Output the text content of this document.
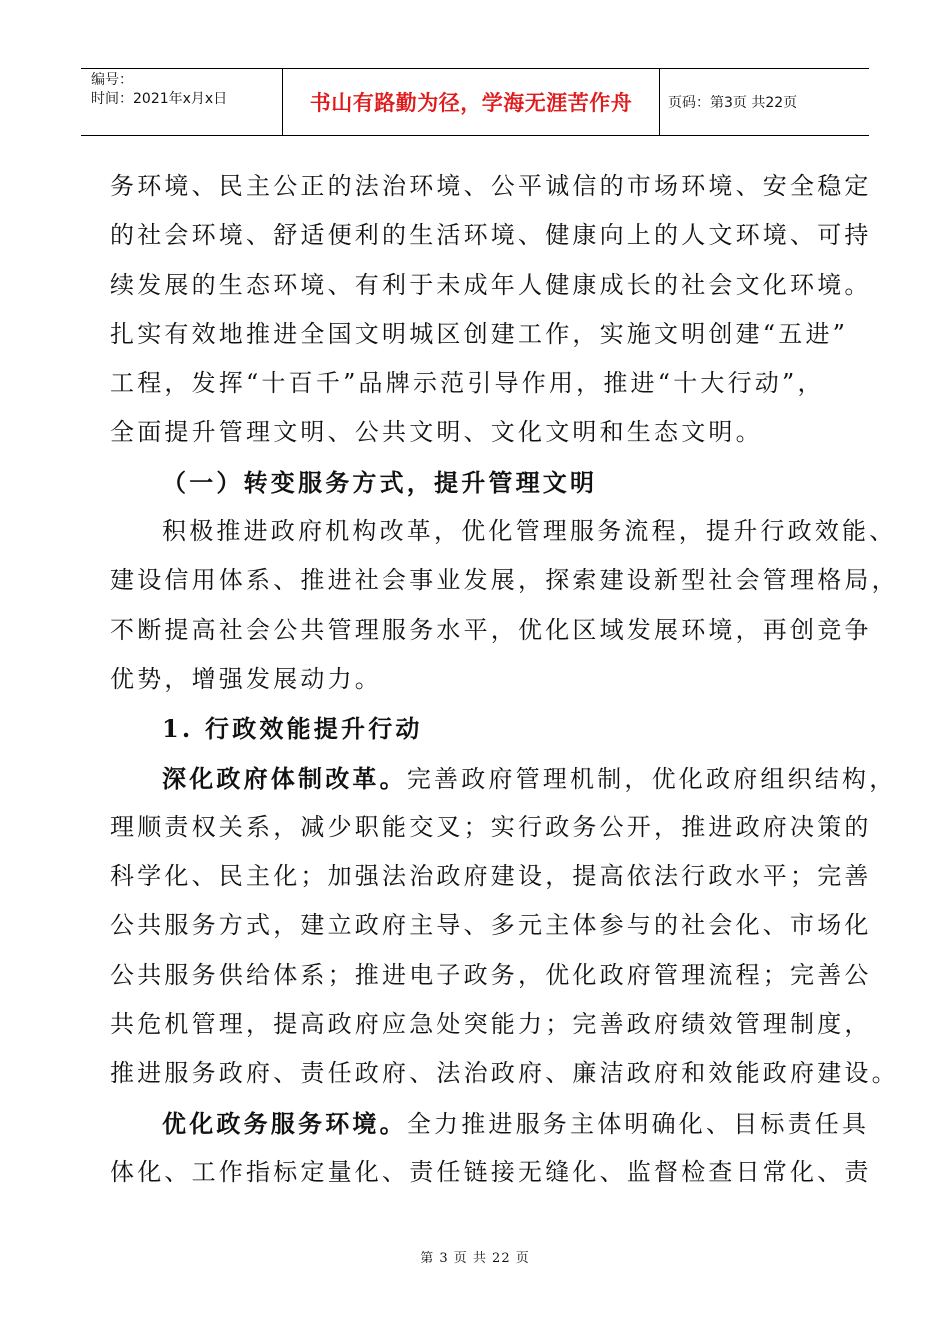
编号：
时间：2021年x月x日	书山有路勤为径，学海无涯苦作舟	页码：第3页 共22页
务环境、民主公正的法治环境、公平诚信的市场环境、安全稳定
的社会环境、舒适便利的生活环境、健康向上的人文环境、可持
续发展的生态环境、有利于未成年人健康成长的社会文化环境。
扎实有效地推进全国文明城区创建工作，实施文明创建“五进”
工程，发挥“十百千”品牌示范引导作用，推进“十大行动”，
全面提升管理文明、公共文明、文化文明和生态文明。
（一）转变服务方式，提升管理文明
积极推进政府机构改革，优化管理服务流程，提升行政效能、
建设信用体系、推进社会事业发展，探索建设新型社会管理格局，
不断提高社会公共管理服务水平，优化区域发展环境，再创竞争
优势，增强发展动力。
1. 行政效能提升行动
深化政府体制改革。完善政府管理机制，优化政府组织结构，
理顺责权关系，减少职能交叉；实行政务公开，推进政府决策的
科学化、民主化；加强法治政府建设，提高依法行政水平；完善
公共服务方式，建立政府主导、多元主体参与的社会化、市场化
公共服务供给体系；推进电子政务，优化政府管理流程；完善公
共危机管理，提高政府应急处突能力；完善政府绩效管理制度，
推进服务政府、责任政府、法治政府、廉洁政府和效能政府建设。
优化政务服务环境。全力推进服务主体明确化、目标责任具
体化、工作指标定量化、责任链接无缝化、监督检查日常化、责
第 3 页 共 22 页
